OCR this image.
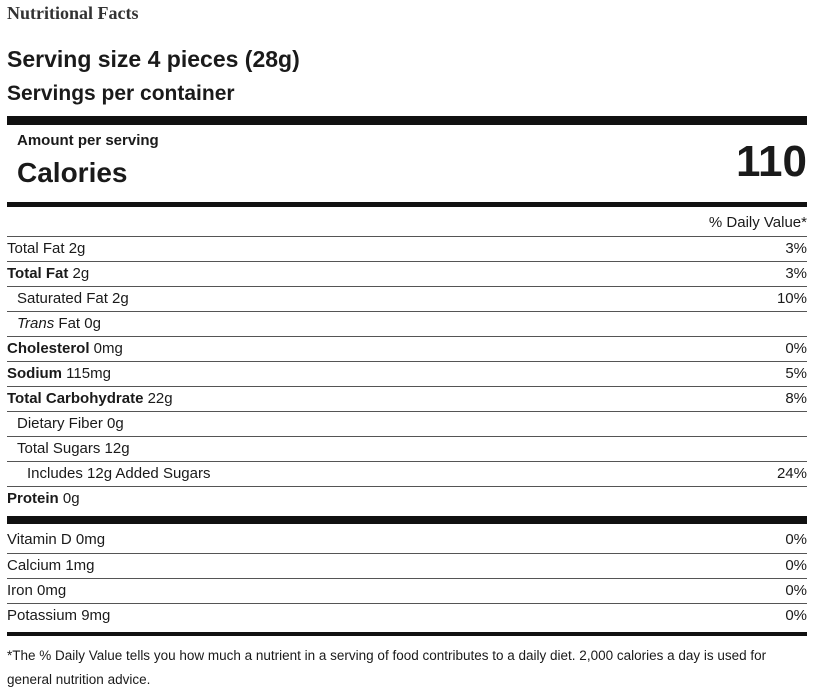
Nutritional Facts
Serving size 4 pieces (28g)
Servings per container
Amount per serving
Calories	110
% Daily Value*
Total Fat 2g	3%
Total Fat 2g	3%
Saturated Fat 2g	10%
Trans Fat 0g
Cholesterol 0mg	0%
Sodium 115mg	5%
Total Carbohydrate 22g	8%
Dietary Fiber 0g
Total Sugars 12g
Includes 12g Added Sugars	24%
Protein 0g
Vitamin D 0mg	0%
Calcium 1mg	0%
Iron 0mg	0%
Potassium 9mg	0%
*The % Daily Value tells you how much a nutrient in a serving of food contributes to a daily diet. 2,000 calories a day is used for general nutrition advice.
